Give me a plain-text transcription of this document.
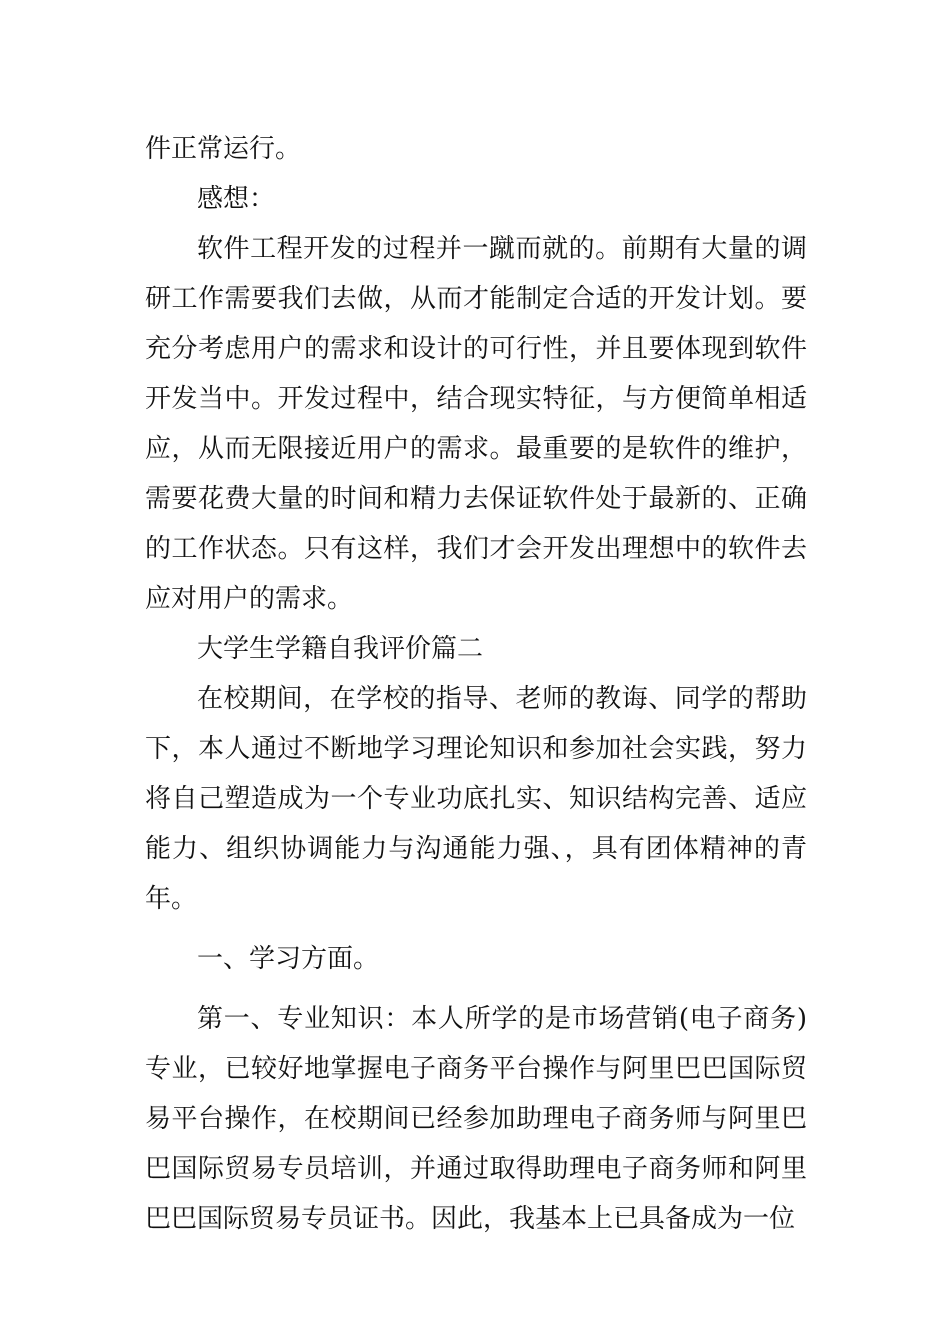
件正常运行。

感想：

软件工程开发的过程并一蹴而就的。前期有大量的调研工作需要我们去做，从而才能制定合适的开发计划。要充分考虑用户的需求和设计的可行性，并且要体现到软件开发当中。开发过程中，结合现实特征，与方便简单相适应，从而无限接近用户的需求。最重要的是软件的维护，需要花费大量的时间和精力去保证软件处于最新的、正确的工作状态。只有这样，我们才会开发出理想中的软件去应对用户的需求。

大学生学籍自我评价篇二

在校期间，在学校的指导、老师的教诲、同学的帮助下，本人通过不断地学习理论知识和参加社会实践，努力将自己塑造成为一个专业功底扎实、知识结构完善、适应能力、组织协调能力与沟通能力强、，具有团体精神的青年。

一、学习方面。

第一、专业知识：本人所学的是市场营销(电子商务)专业，已较好地掌握电子商务平台操作与阿里巴巴国际贸易平台操作，在校期间已经参加助理电子商务师与阿里巴巴国际贸易专员培训，并通过取得助理电子商务师和阿里巴巴国际贸易专员证书。因此，我基本上已具备成为一位
